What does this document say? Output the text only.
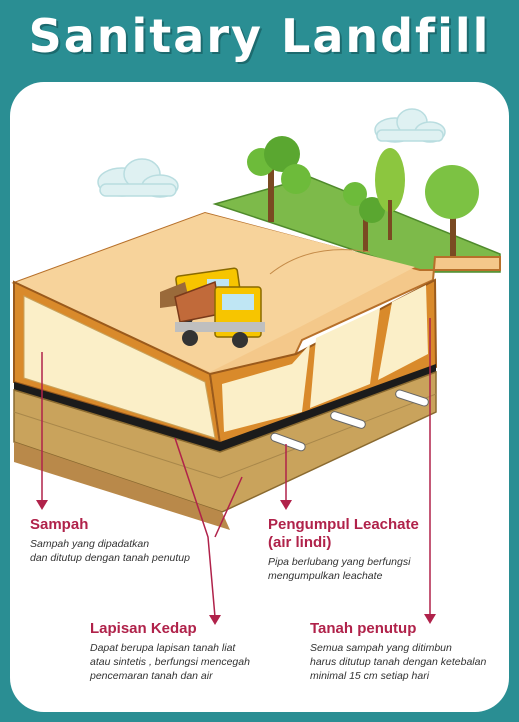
Sanitary Landfill
Sampah

Sampah yang dipadatkan
dan ditutup dengan tanah penutup

Pengumpul Leachate
(air lindi)

Pipa berlubang yang berfungsi
mengumpulkan leachate

Lapisan Kedap

Dapat berupa lapisan tanah liat
atau sintetis , berfungsi mencegah
pencemaran tanah dan air

Tanah penutup

Semua sampah yang ditimbun
harus ditutup tanah dengan ketebalan
minimal 15 cm setiap hari
